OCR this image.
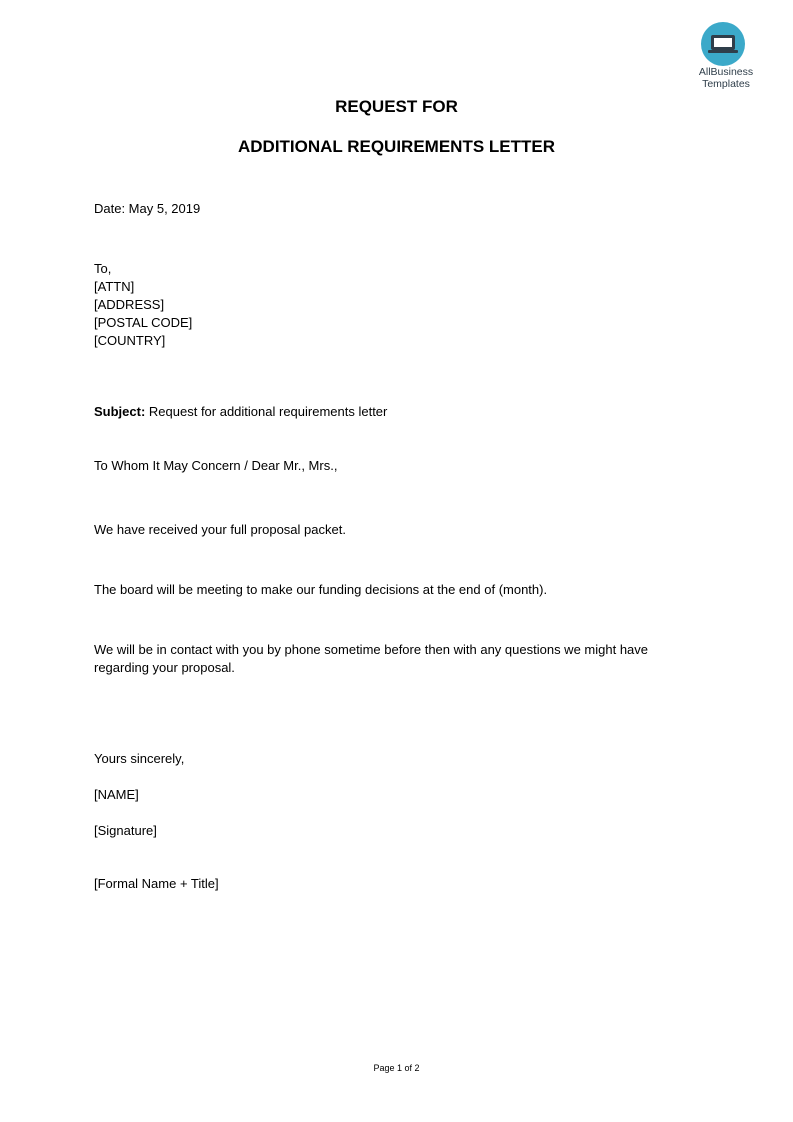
AllBusiness
Templates
REQUEST FOR
ADDITIONAL REQUIREMENTS LETTER
Date: May 5, 2019
To,
[ATTN]
[ADDRESS]
[POSTAL CODE]
[COUNTRY]
Subject: Request for additional requirements letter
To Whom It May Concern / Dear Mr., Mrs.,
We have received your full proposal packet.
The board will be meeting to make our funding decisions at the end of (month).
We will be in contact with you by phone sometime before then with any questions we might have regarding your proposal.
Yours sincerely,
[NAME]
[Signature]
[Formal Name + Title]
Page 1 of 2
